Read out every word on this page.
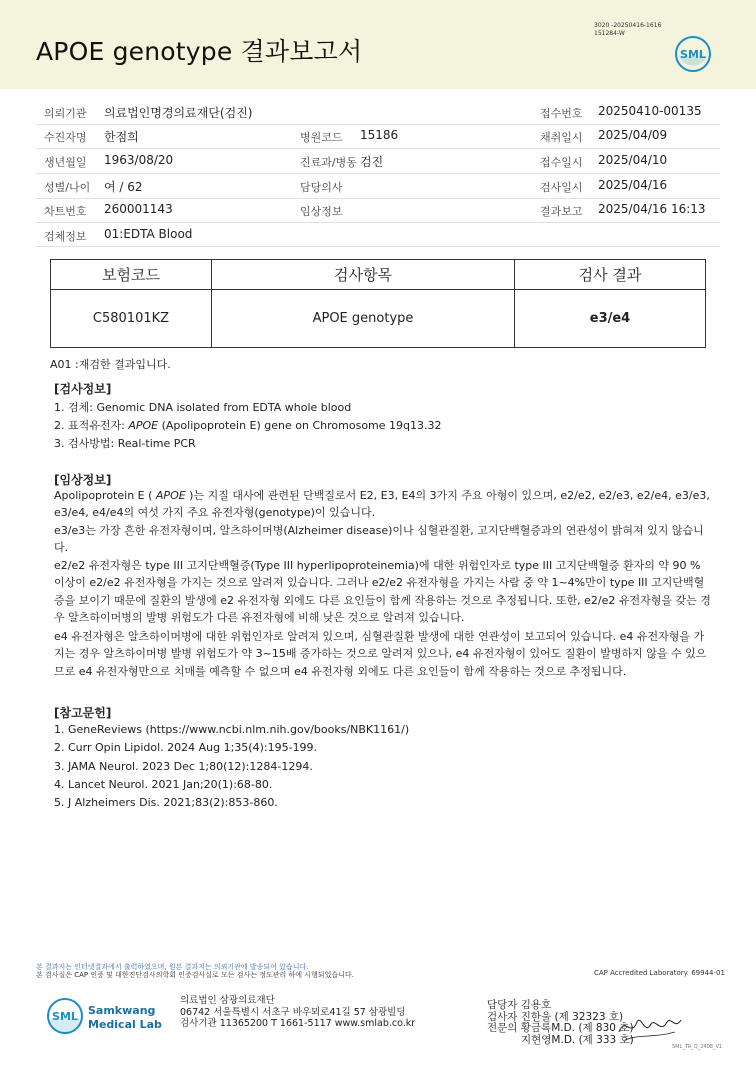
APOE genotype 결과보고서
3020 -20250416-1616
151284-W
SML
의뢰기관 의료법인명경의료재단(검진)	접수번호 20250410-00135
수진자명 한점희	병원코드 15186	채취일시 2025/04/09
생년월일 1963/08/20	진료과/병동 검진	접수일시 2025/04/10
성별/나이 여 / 62	담당의사	검사일시 2025/04/16
차트번호 260001143	임상정보	결과보고 2025/04/16 16:13
검체정보 01:EDTA Blood
보험코드	검사항목	검사 결과
C580101KZ	APOE genotype	e3/e4
A01 :재검한 결과입니다.
[검사정보]
1. 검체: Genomic DNA isolated from EDTA whole blood
2. 표적유전자: APOE (Apolipoprotein E) gene on Chromosome 19q13.32
3. 검사방법: Real-time PCR
[임상정보]
Apolipoprotein E ( APOE )는 지질 대사에 관련된 단백질로서 E2, E3, E4의 3가지 주요 아형이 있으며, e2/e2, e2/e3, e2/e4, e3/e3, e3/e4, e4/e4의 여섯 가지 주요 유전자형(genotype)이 있습니다.
e3/e3는 가장 흔한 유전자형이며, 알츠하이머병(Alzheimer disease)이나 심혈관질환, 고지단백혈증과의 연관성이 밝혀져 있지 않습니다.
e2/e2 유전자형은 type III 고지단백혈증(Type III hyperlipoproteinemia)에 대한 위험인자로 type III 고지단백혈증 환자의 약 90 % 이상이 e2/e2 유전자형을 가지는 것으로 알려져 있습니다. 그러나 e2/e2 유전자형을 가지는 사람 중 약 1~4%만이 type III 고지단백혈증을 보이기 때문에 질환의 발생에 e2 유전자형 외에도 다른 요인들이 함께 작용하는 것으로 추정됩니다. 또한, e2/e2 유전자형을 갖는 경우 알츠하이머병의 발병 위험도가 다른 유전자형에 비해 낮은 것으로 알려져 있습니다.
e4 유전자형은 알츠하이머병에 대한 위험인자로 알려져 있으며, 심혈관질환 발생에 대한 연관성이 보고되어 있습니다. e4 유전자형을 가지는 경우 알츠하이머병 발병 위험도가 약 3~15배 증가하는 것으로 알려져 있으나, e4 유전자형이 있어도 질환이 발병하지 않을 수 있으므로 e4 유전자형만으로 치매를 예측할 수 없으며 e4 유전자형 외에도 다른 요인들이 함께 작용하는 것으로 추정됩니다.
[참고문헌]
1. GeneReviews (https://www.ncbi.nlm.nih.gov/books/NBK1161/)
2. Curr Opin Lipidol. 2024 Aug 1;35(4):195-199.
3. JAMA Neurol. 2023 Dec 1;80(12):1284-1294.
4. Lancet Neurol. 2021 Jan;20(1):68-80.
5. J Alzheimers Dis. 2021;83(2):853-860.
본 결과지는 인터넷결과에서 출력하였으며, 원본 결과지는 의뢰기관에 발송되어 있습니다.
본 검사실은 CAP 인증 및 대한진단검사의학회 인증검사실로 모든 검사는 정도관리 하에 시행되었습니다.	CAP Accredited Laboratory. 69944-01
SML Samkwang
Medical Lab
의료법인 삼광의료재단
06742 서울특별시 서초구 바우뫼로41길 57 삼광빌딩
검사기관 11365200 T 1661-5117 www.smlab.co.kr
담당자 김용호
검사자 진한울 (제 32323 호)
전문의 황금록M.D. (제 830 호)
지현영M.D. (제 333 호)
SML_TR_Q_2408_V1
